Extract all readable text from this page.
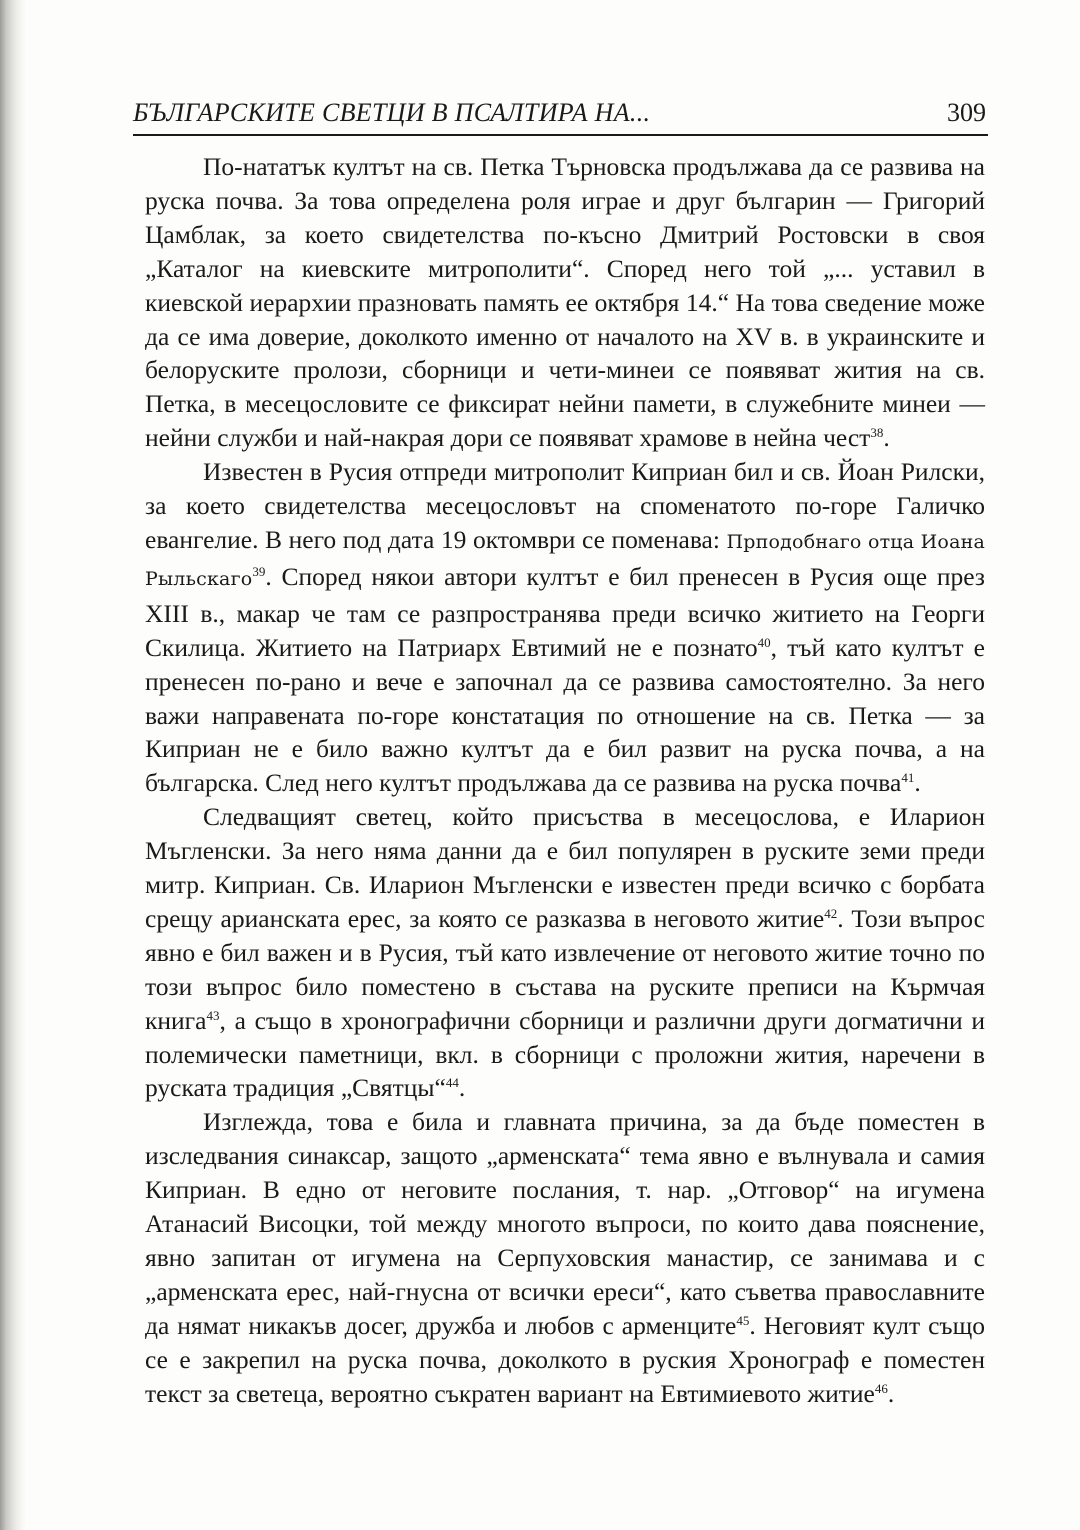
БЪЛГАРСКИТЕ СВЕТЦИ В ПСАЛТИРА НА...	309

По-нататък култът на св. Петка Търновска продължава да се развива на руска почва. За това определена роля играе и друг българин — Григорий Цамблак, за което свидетелства по-късно Дмитрий Ростовски в своя „Каталог на киевските митрополити“. Според него той „... уставил в киевской иерархии празновать память ее октября 14.“ На това сведение може да се има доверие, доколкото именно от началото на XV в. в украинските и белоруските пролози, сборници и чети-минеи се появяват жития на св. Петка, в месецословите се фиксират нейни памети, в служебните минеи — нейни служби и най-накрая дори се появяват храмове в нейна чест$^{38}$.

Известен в Русия отпреди митрополит Киприан бил и св. Йоан Рилски, за което свидетелства месецословът на споменатото по-горе Галичко евангелие. В него под дата 19 октомври се поменава: Прподобнаго отца Иоана Рыльскаго$^{39}$. Според някои автори култът е бил пренесен в Русия още през XIII в., макар че там се разпространява преди всичко житието на Георги Скилица. Житието на Патриарх Евтимий не е познато$^{40}$, тъй като култът е пренесен по-рано и вече е започнал да се развива самостоятелно. За него важи направената по-горе констатация по отношение на св. Петка — за Киприан не е било важно култът да е бил развит на руска почва, а на българска. След него култът продължава да се развива на руска почва$^{41}$.

Следващият светец, който присъства в месецослова, е Иларион Мъгленски. За него няма данни да е бил популярен в руските земи преди митр. Киприан. Св. Иларион Мъгленски е известен преди всичко с борбата срещу арианската ерес, за която се разказва в неговото житие$^{42}$. Този въпрос явно е бил важен и в Русия, тъй като извлечение от неговото житие точно по този въпрос било поместено в състава на руските преписи на Кърмчая книга$^{43}$, а също в хронографични сборници и различни други догматични и полемически паметници, вкл. в сборници с проложни жития, наречени в руската традиция „Святцы“$^{44}$.

Изглежда, това е била и главната причина, за да бъде поместен в изследвания синаксар, защото „арменската“ тема явно е вълнувала и самия Киприан. В едно от неговите послания, т. нар. „Отговор“ на игумена Атанасий Висоцки, той между многото въпроси, по които дава пояснение, явно запитан от игумена на Серпуховския манастир, се занимава и с „арменската ерес, най-гнусна от всички ереси“, като съветва православните да нямат никакъв досег, дружба и любов с арменците$^{45}$. Неговият култ също се е закрепил на руска почва, доколкото в руския Хронограф е поместен текст за светеца, вероятно съкратен вариант на Евтимиевото житие$^{46}$.
